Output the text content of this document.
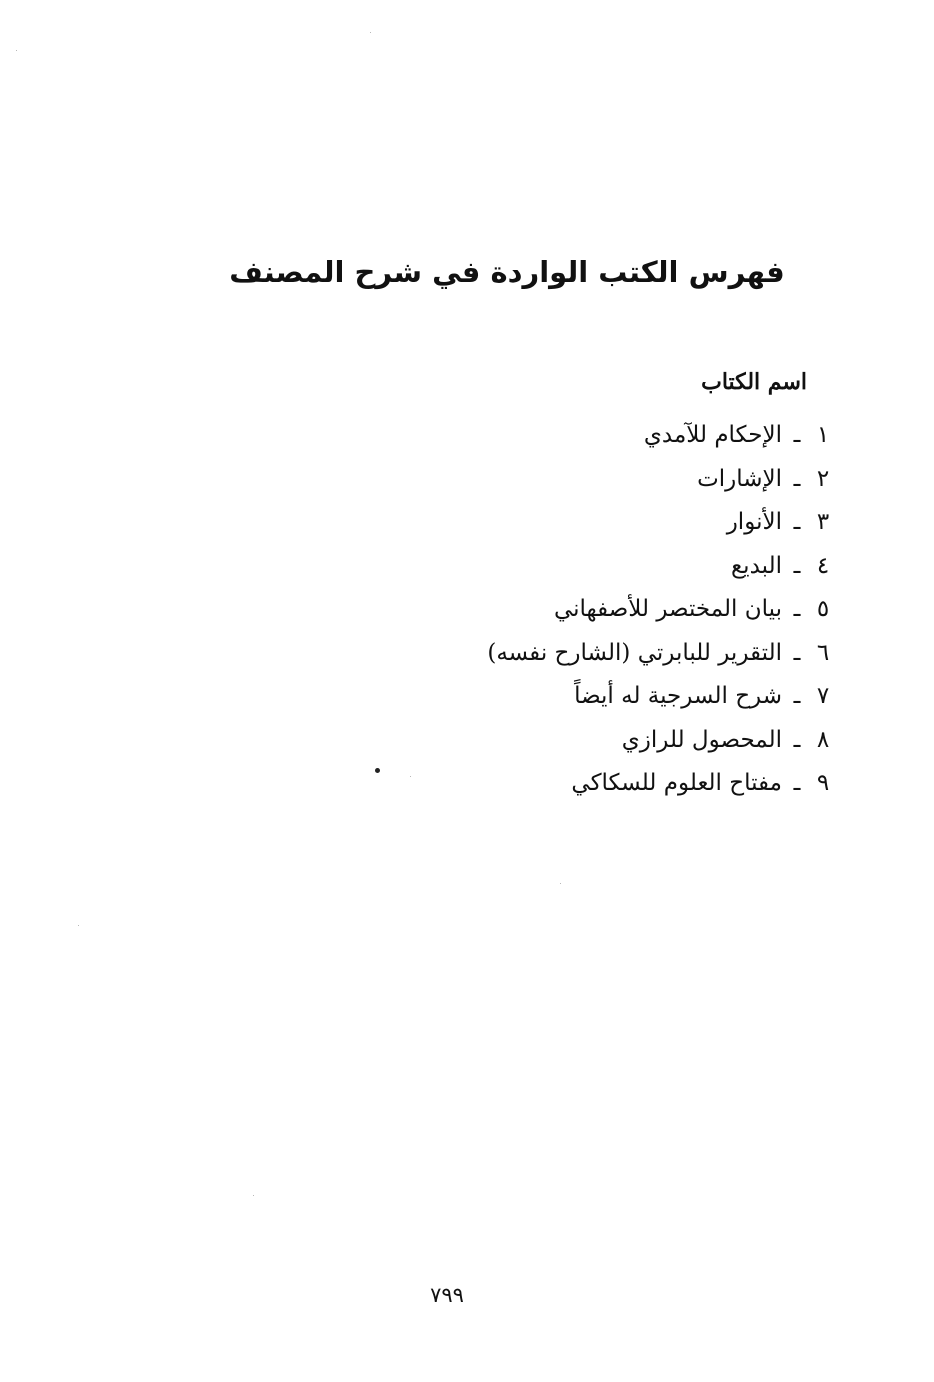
فهرس الكتب الواردة في شرح المصنف
اسم الكتاب
١
ـ
الإحكام للآمدي
٢
ـ
الإشارات
٣
ـ
الأنوار
٤
ـ
البديع
٥
ـ
بيان المختصر للأصفهاني
٦
ـ
التقرير للبابرتي (الشارح نفسه)
٧
ـ
شرح السرجية له أيضاً
٨
ـ
المحصول للرازي
٩
ـ
مفتاح العلوم للسكاكي
٧٩٩
